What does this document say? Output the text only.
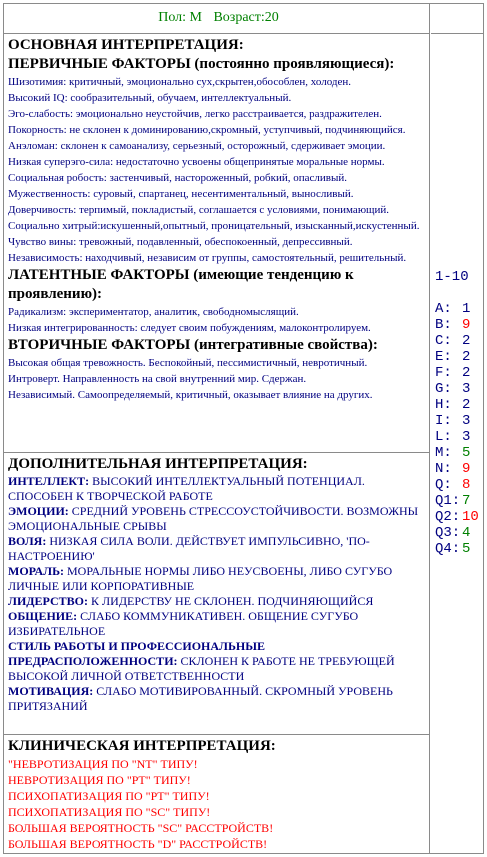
Пол: М Возраст:20
ОСНОВНАЯ ИНТЕРПРЕТАЦИЯ:
ПЕРВИЧНЫЕ ФАКТОРЫ (постоянно проявляющиеся):
Шизотимия: критичный, эмоционально сух,скрытен,обособлен, холоден.
Высокий IQ: сообразительный, обучаем, интеллектуальный.
Эго-слабость: эмоционально неустойчив, легко расстраивается, раздражителен.
Покорность: не склонен к доминированию,скромный, уступчивый, подчиняющийся.
Анэломан: склонен к самоанализу, серьезный, осторожный, сдерживает эмоции.
Низкая суперэго-сила: недостаточно усвоены общепринятые моральные нормы.
Социальная робость: застенчивый, настороженный, робкий, опасливый.
Мужественность: суровый, спартанец, несентиментальный, выносливый.
Доверчивость: терпимый, покладистый, соглашается с условиями, понимающий.
Социально хитрый:искушенный,опытный, проницательный, изысканный,искустенный.
Чувство вины: тревожный, подавленный, обеспокоенный, депрессивный.
Независимость: находчивый, независим от группы, самостоятельный, решительный.
ЛАТЕНТНЫЕ ФАКТОРЫ (имеющие тенденцию к проявлению):
Радикализм: экспериментатор, аналитик, свободномыслящий.
Низкая интегрированность: следует своим побуждениям, малоконтролируем.
ВТОРИЧНЫЕ ФАКТОРЫ (интегративные свойства):
Высокая общая тревожность. Беспокойный, пессимистичный, невротичный.
Интроверт. Направленность на свой внутренний мир. Сдержан.
Независимый. Самоопределяемый, критичный, оказывает влияние на других.
ДОПОЛНИТЕЛЬНАЯ ИНТЕРПРЕТАЦИЯ:
ИНТЕЛЛЕКТ: ВЫСОКИЙ ИНТЕЛЛЕКТУАЛЬНЫЙ ПОТЕНЦИАЛ. СПОСОБЕН К ТВОРЧЕСКОЙ РАБОТЕ
ЭМОЦИИ: СРЕДНИЙ УРОВЕНЬ СТРЕССОУСТОЙЧИВОСТИ. ВОЗМОЖНЫ ЭМОЦИОНАЛЬНЫЕ СРЫВЫ
ВОЛЯ: НИЗКАЯ СИЛА ВОЛИ. ДЕЙСТВУЕТ ИМПУЛЬСИВНО, 'ПО-НАСТРОЕНИЮ'
МОРАЛЬ: МОРАЛЬНЫЕ НОРМЫ ЛИБО НЕУСВОЕНЫ, ЛИБО СУГУБО ЛИЧНЫЕ ИЛИ КОРПОРАТИВНЫЕ
ЛИДЕРСТВО: К ЛИДЕРСТВУ НЕ СКЛОНЕН. ПОДЧИНЯЮЩИЙСЯ
ОБЩЕНИЕ: СЛАБО КОММУНИКАТИВЕН. ОБЩЕНИЕ СУГУБО ИЗБИРАТЕЛЬНОЕ
СТИЛЬ РАБОТЫ И ПРОФЕССИОНАЛЬНЫЕ ПРЕДРАСПОЛОЖЕННОСТИ: СКЛОНЕН К РАБОТЕ НЕ ТРЕБУЮЩЕЙ ВЫСОКОЙ ЛИЧНОЙ ОТВЕТСТВЕННОСТИ
МОТИВАЦИЯ: СЛАБО МОТИВИРОВАННЫЙ. СКРОМНЫЙ УРОВЕНЬ ПРИТЯЗАНИЙ
КЛИНИЧЕСКАЯ ИНТЕРПРЕТАЦИЯ:
"НЕВРОТИЗАЦИЯ ПО "NT" ТИПУ!
НЕВРОТИЗАЦИЯ ПО "PT" ТИПУ!
ПСИХОПАТИЗАЦИЯ ПО "PT" ТИПУ!
ПСИХОПАТИЗАЦИЯ ПО "SC" ТИПУ!
БОЛЬШАЯ ВЕРОЯТНОСТЬ "SC" РАССТРОЙСТВ!
БОЛЬШАЯ ВЕРОЯТНОСТЬ "D" РАССТРОЙСТВ!
1-10
A: 1
B: 9
C: 2
E: 2
F: 2
G: 3
H: 2
I: 3
L: 3
M: 5
N: 9
Q: 8
Q1: 7
Q2: 10
Q3: 4
Q4: 5
